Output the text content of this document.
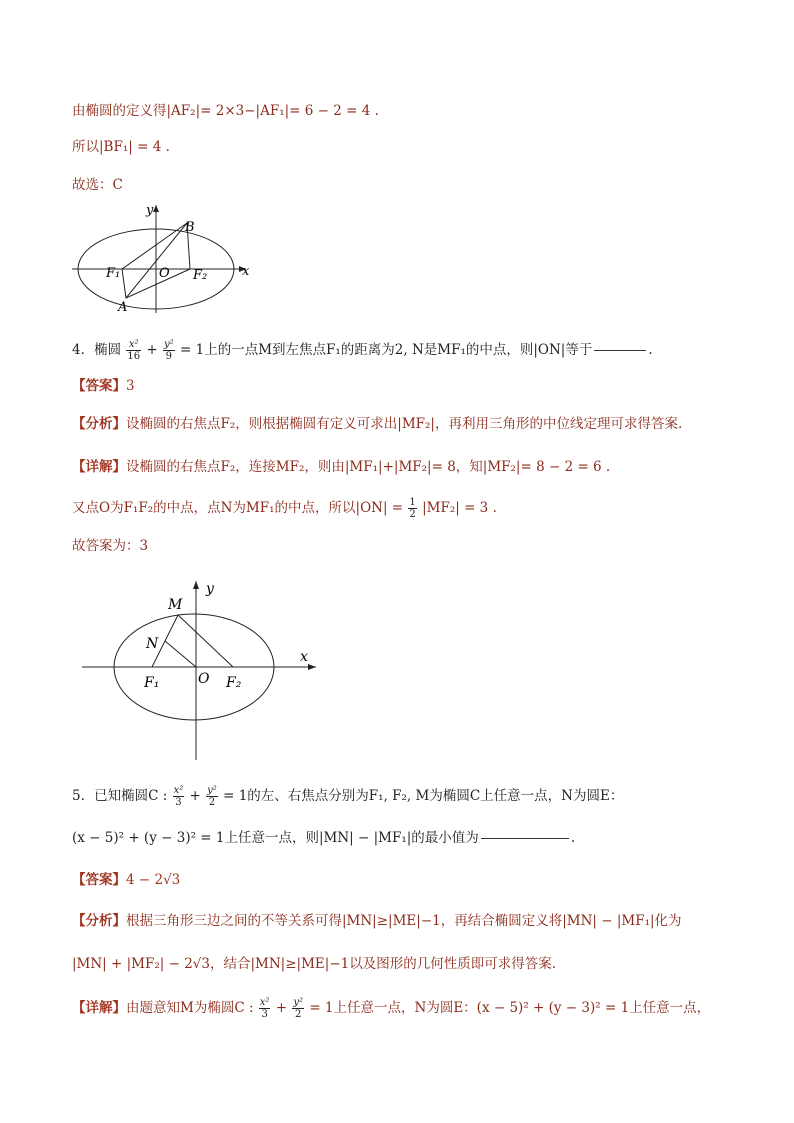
由椭圆的定义得|AF₂|= 2×3−|AF₁|= 6 − 2 = 4 .
所以|BF₁| = 4 .
故选：C
y
x
B
O
F₁	F₂
A
4．椭圆 $\frac{\text{x²}}{16} + \frac{\text{y²}}{9} = 1$上的一点M到左焦点F₁的距离为2, N是MF₁的中点，则|ON|等于	.
【答案】3
【分析】设椭圆的右焦点F₂，则根据椭圆有定义可求出|MF₂|，再利用三角形的中位线定理可求得答案.
【详解】设椭圆的右焦点F₂，连接MF₂，则由|MF₁|+|MF₂|= 8，知|MF₂|= 8 − 2 = 6 .
又点O为F₁F₂的中点，点N为MF₁的中点，所以$|ON| = \frac{1}{2} |MF_2| = 3$ .
故答案为：3
y
x
M
N
F₁	O F₂
5．已知椭圆C : $\frac{\text{x²}}{3} + \frac{\text{y²}}{2} = 1$的左、右焦点分别为F₁, F₂, M为椭圆C上任意一点，N为圆E：
(x − 5)² + (y − 3)² = 1上任意一点，则|MN| − |MF₁|的最小值为	.
【答案】4 − 2√3
【分析】根据三角形三边之间的不等关系可得|MN|≥|ME|−1，再结合椭圆定义将|MN| − |MF₁|化为
|MN| + |MF₂| − 2√3，结合|MN|≥|ME|−1以及图形的几何性质即可求得答案.
【详解】由题意知M为椭圆C : $\frac{\text{x²}}{3} + \frac{\text{y²}}{2} = 1$上任意一点，N为圆E：(x − 5)² + (y − 3)² = 1上任意一点，
